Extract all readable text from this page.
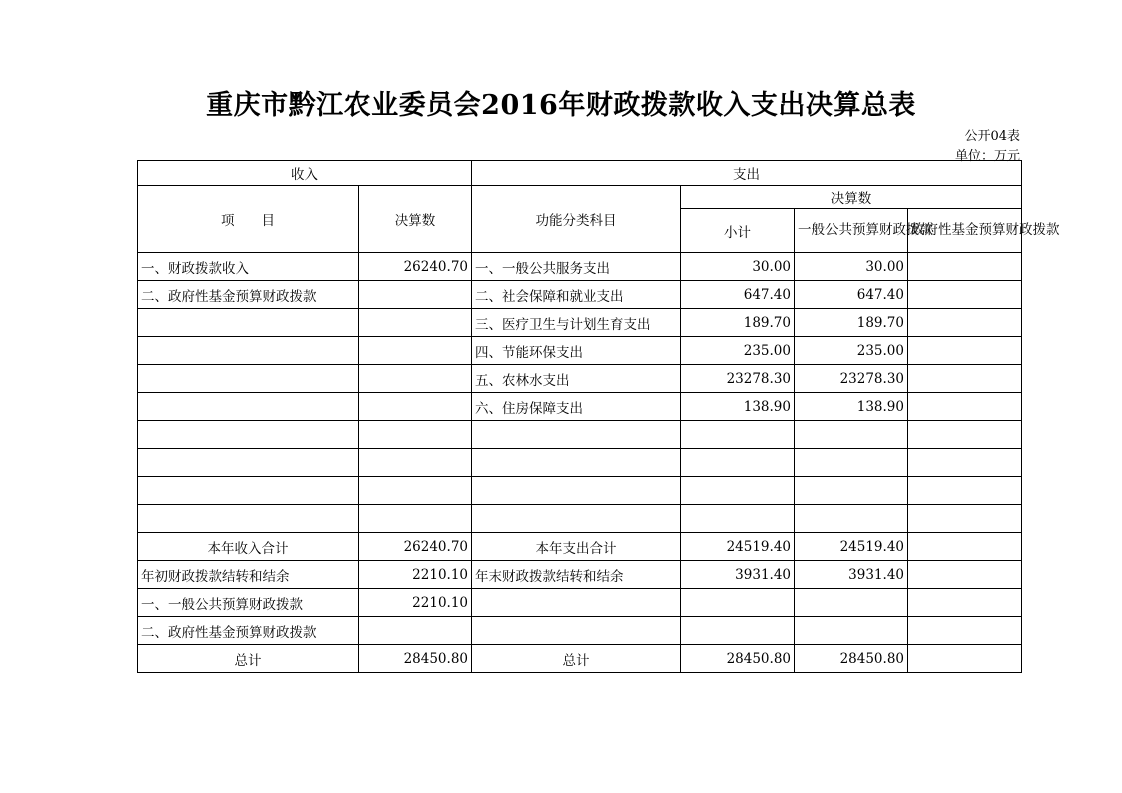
重庆市黔江农业委员会2016年财政拨款收入支出决算总表
公开04表
单位：万元
收入		支出			
项　　目	决算数	功能分类科目	决算数		
			小计	一般公共预算财政拨款	政府性基金预算财政拨款
一、财政拨款收入	26240.70	一、一般公共服务支出	30.00	30.00	
二、政府性基金预算财政拨款		二、社会保障和就业支出	647.40	647.40	
		三、医疗卫生与计划生育支出	189.70	189.70	
		四、节能环保支出	235.00	235.00	
		五、农林水支出	23278.30	23278.30	
		六、住房保障支出	138.90	138.90	

本年收入合计	26240.70	本年支出合计	24519.40	24519.40	
年初财政拨款结转和结余	2210.10	年末财政拨款结转和结余	3931.40	3931.40	
一、一般公共预算财政拨款	2210.10				
二、政府性基金预算财政拨款					
总计	28450.80	总计	28450.80	28450.80	
